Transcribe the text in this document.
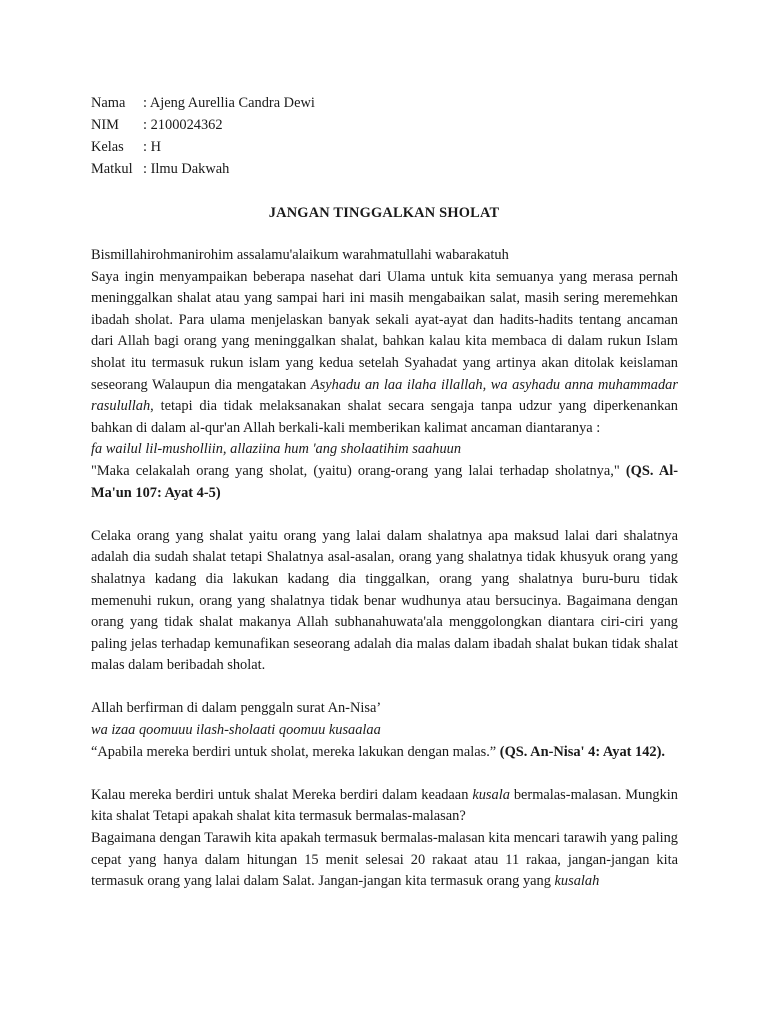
Nama : Ajeng Aurellia Candra Dewi
NIM : 2100024362
Kelas : H
Matkul : Ilmu Dakwah
JANGAN TINGGALKAN SHOLAT

Bismillahirohmanirohim assalamu'alaikum warahmatullahi wabarakatuh

Saya ingin menyampaikan beberapa nasehat dari Ulama untuk kita semuanya yang merasa pernah meninggalkan shalat atau yang sampai hari ini masih mengabaikan salat, masih sering meremehkan ibadah sholat. Para ulama menjelaskan banyak sekali ayat-ayat dan hadits-hadits tentang ancaman dari Allah bagi orang yang meninggalkan shalat, bahkan kalau kita membaca di dalam rukun Islam sholat itu termasuk rukun islam yang kedua setelah Syahadat yang artinya akan ditolak keislaman seseorang Walaupun dia mengatakan Asyhadu an laa ilaha illallah, wa asyhadu anna muhammadar rasulullah, tetapi dia tidak melaksanakan shalat secara sengaja tanpa udzur yang diperkenankan bahkan di dalam al-qur'an Allah berkali-kali memberikan kalimat ancaman diantaranya :

fa wailul lil-musholliin, allaziina hum 'ang sholaatihim saahuun

"Maka celakalah orang yang sholat, (yaitu) orang-orang yang lalai terhadap sholatnya," (QS. Al-Ma'un 107: Ayat 4-5)

Celaka orang yang shalat yaitu orang yang lalai dalam shalatnya apa maksud lalai dari shalatnya adalah dia sudah shalat tetapi Shalatnya asal-asalan, orang yang shalatnya tidak khusyuk orang yang shalatnya kadang dia lakukan kadang dia tinggalkan, orang yang shalatnya buru-buru tidak memenuhi rukun, orang yang shalatnya tidak benar wudhunya atau bersucinya. Bagaimana dengan orang yang tidak shalat makanya Allah subhanahuwata'ala menggolongkan diantara ciri-ciri yang paling jelas terhadap kemunafikan seseorang adalah dia malas dalam ibadah shalat bukan tidak shalat malas dalam beribadah sholat.

Allah berfirman di dalam penggaln surat An-Nisa’

wa izaa qoomuuu ilash-sholaati qoomuu kusaalaa

“Apabila mereka berdiri untuk sholat, mereka lakukan dengan malas.” (QS. An-Nisa' 4: Ayat 142).

Kalau mereka berdiri untuk shalat Mereka berdiri dalam keadaan kusala bermalas-malasan. Mungkin kita shalat Tetapi apakah shalat kita termasuk bermalas-malasan?

Bagaimana dengan Tarawih kita apakah termasuk bermalas-malasan kita mencari tarawih yang paling cepat yang hanya dalam hitungan 15 menit selesai 20 rakaat atau 11 rakaa, jangan-jangan kita termasuk orang yang lalai dalam Salat. Jangan-jangan kita termasuk orang yang kusalah
